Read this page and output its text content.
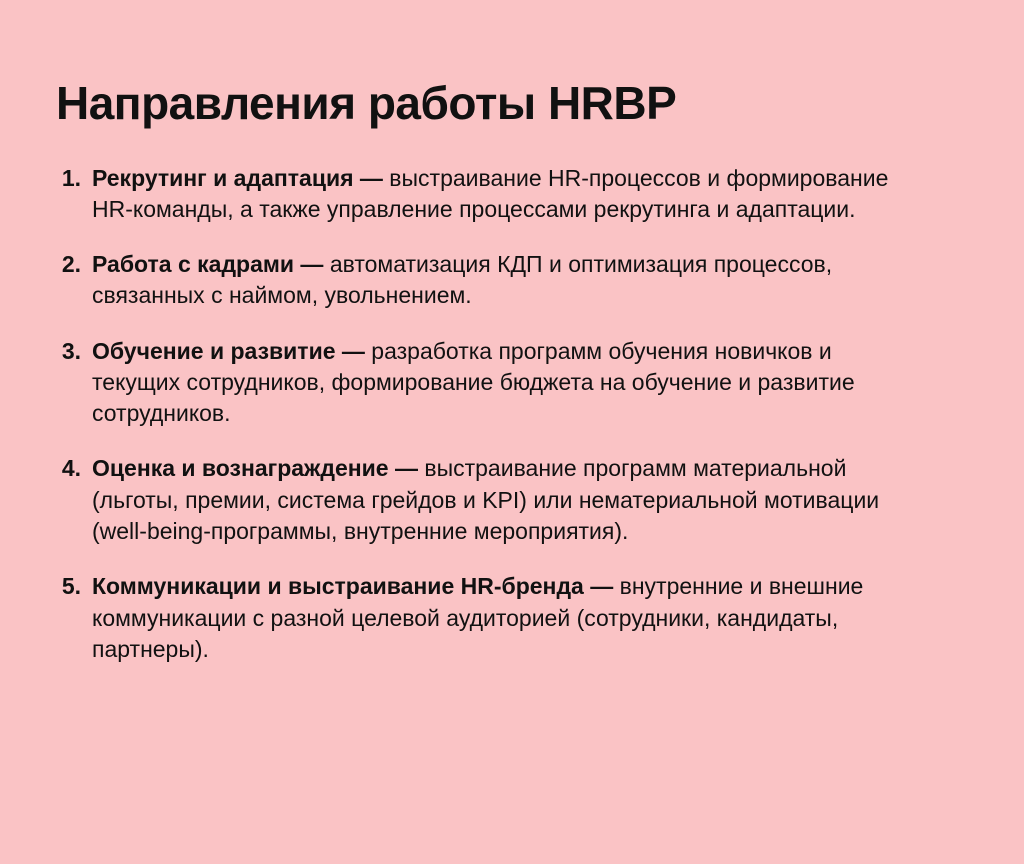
Направления работы HRBP
1. Рекрутинг и адаптация — выстраивание HR-процессов и формирование HR-команды, а также управление процессами рекрутинга и адаптации.
2. Работа с кадрами — автоматизация КДП и оптимизация процессов, связанных с наймом, увольнением.
3. Обучение и развитие — разработка программ обучения новичков и текущих сотрудников, формирование бюджета на обучение и развитие сотрудников.
4. Оценка и вознаграждение — выстраивание программ материальной (льготы, премии, система грейдов и KPI) или нематериальной мотивации (well-being-программы, внутренние мероприятия).
5. Коммуникации и выстраивание HR-бренда — внутренние и внешние коммуникации с разной целевой аудиторией (сотрудники, кандидаты, партнеры).
